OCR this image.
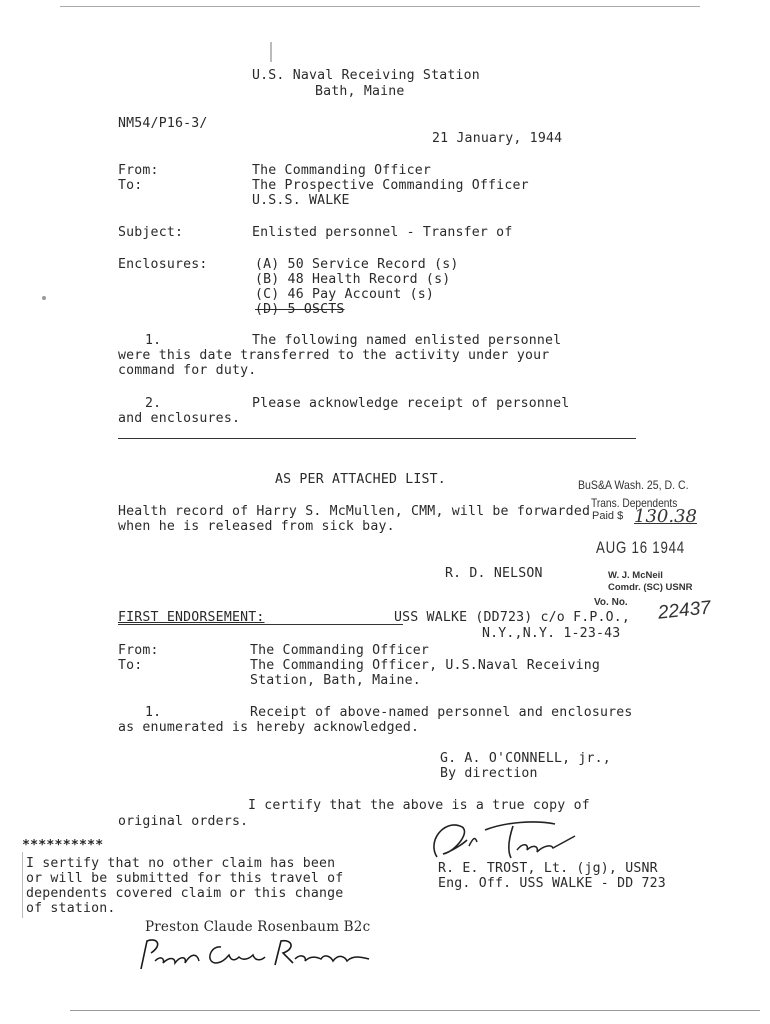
U.S. Naval Receiving Station
Bath, Maine
NM54/P16-3/
21 January, 1944
From:	The Commanding Officer
To:	The Prospective Commanding Officer
U.S.S. WALKE
Subject:	Enlisted personnel - Transfer of
Enclosures:	(A) 50 Service Record (s)
(B) 48 Health Record (s)
(C) 46 Pay Account (s)
(D) 5 OSCTS
1.	The following named enlisted personnel
were this date transferred to the activity under your
command for duty.
2.	Please acknowledge receipt of personnel
and enclosures.
AS PER ATTACHED LIST.
Health record of Harry S. McMullen, CMM, will be forwarded
when he is released from sick bay.
R. D. NELSON
BuS&A Wash. 25, D. C.
Trans. Dependents
Paid $ 130.38
AUG 16 1944
W. J. McNeil
Comdr. (SC) USNR
Vo. No. 22437
FIRST ENDORSEMENT:	USS WALKE (DD723) c/o F.P.O.,
N.Y.,N.Y. 1-23-43
From:	The Commanding Officer
To:	The Commanding Officer, U.S.Naval Receiving
Station, Bath, Maine.
1.	Receipt of above-named personnel and enclosures
as enumerated is hereby acknowledged.
G. A. O'CONNELL, jr.,
By direction
I certify that the above is a true copy of
original orders.
R. E. TROST, Lt. (jg), USNR
Eng. Off. USS WALKE - DD 723
**********
I sertify that no other claim has been
or will be submitted for this travel of
dependents covered claim or this change
of station.
Preston Claude Rosenbaum B2c
